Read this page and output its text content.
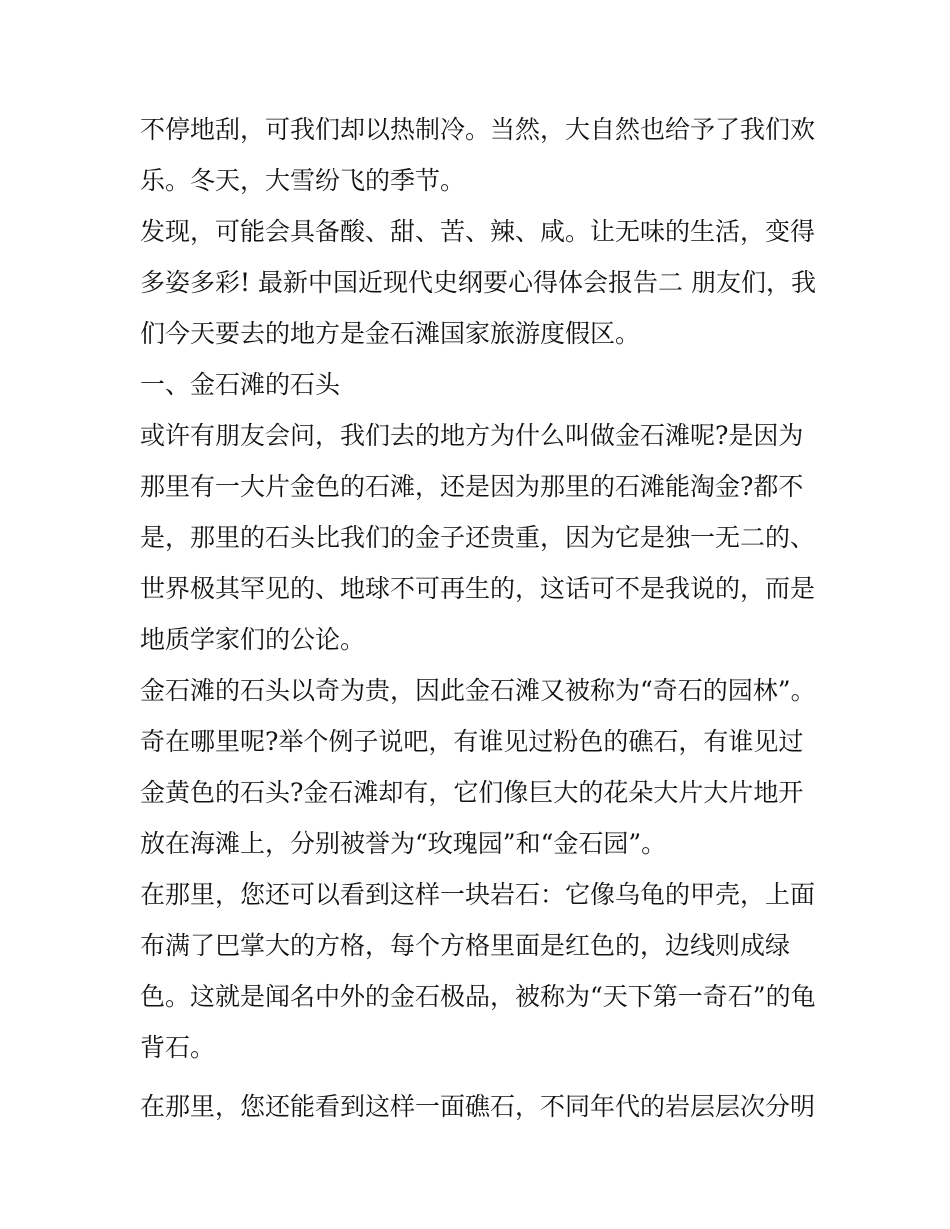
不停地刮，可我们却以热制冷。当然，大自然也给予了我们欢乐。冬天，大雪纷飞的季节。

发现，可能会具备酸、甜、苦、辣、咸。让无味的生活，变得多姿多彩! 最新中国近现代史纲要心得体会报告二 朋友们，我们今天要去的地方是金石滩国家旅游度假区。

一、金石滩的石头

或许有朋友会问，我们去的地方为什么叫做金石滩呢?是因为那里有一大片金色的石滩，还是因为那里的石滩能淘金?都不是，那里的石头比我们的金子还贵重，因为它是独一无二的、世界极其罕见的、地球不可再生的，这话可不是我说的，而是地质学家们的公论。

金石滩的石头以奇为贵，因此金石滩又被称为“奇石的园林”。奇在哪里呢?举个例子说吧，有谁见过粉色的礁石，有谁见过金黄色的石头?金石滩却有，它们像巨大的花朵大片大片地开放在海滩上，分别被誉为“玫瑰园”和“金石园”。

在那里，您还可以看到这样一块岩石：它像乌龟的甲壳，上面布满了巴掌大的方格，每个方格里面是红色的，边线则成绿色。这就是闻名中外的金石极品，被称为“天下第一奇石”的龟背石。

在那里，您还能看到这样一面礁石，不同年代的岩层层次分明
